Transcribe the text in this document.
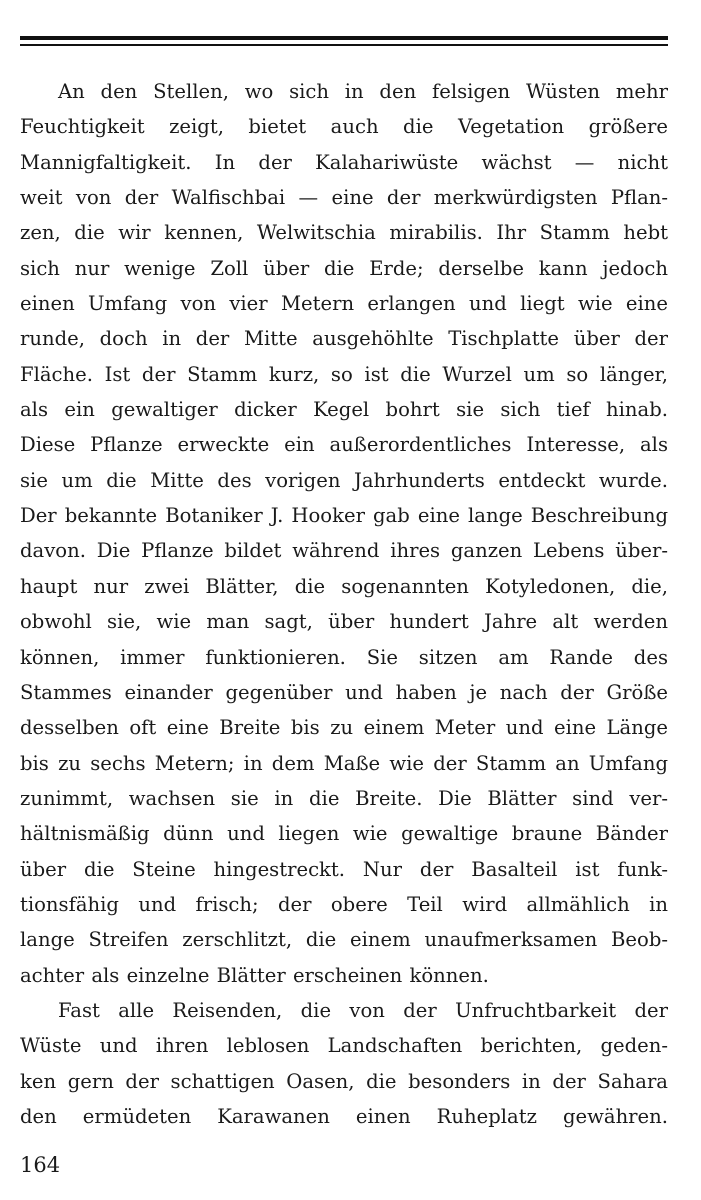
An den Stellen, wo sich in den felsigen Wüsten mehr
Feuchtigkeit zeigt, bietet auch die Vegetation größere
Mannigfaltigkeit. In der Kalahariwüste wächst — nicht
weit von der Walfischbai — eine der merkwürdigsten Pflan-
zen, die wir kennen, Welwitschia mirabilis. Ihr Stamm hebt
sich nur wenige Zoll über die Erde; derselbe kann jedoch
einen Umfang von vier Metern erlangen und liegt wie eine
runde, doch in der Mitte ausgehöhlte Tischplatte über der
Fläche. Ist der Stamm kurz, so ist die Wurzel um so länger,
als ein gewaltiger dicker Kegel bohrt sie sich tief hinab.
Diese Pflanze erweckte ein außerordentliches Interesse, als
sie um die Mitte des vorigen Jahrhunderts entdeckt wurde.
Der bekannte Botaniker J. Hooker gab eine lange Beschreibung
davon. Die Pflanze bildet während ihres ganzen Lebens über-
haupt nur zwei Blätter, die sogenannten Kotyledonen, die,
obwohl sie, wie man sagt, über hundert Jahre alt werden
können, immer funktionieren. Sie sitzen am Rande des
Stammes einander gegenüber und haben je nach der Größe
desselben oft eine Breite bis zu einem Meter und eine Länge
bis zu sechs Metern; in dem Maße wie der Stamm an Umfang
zunimmt, wachsen sie in die Breite. Die Blätter sind ver-
hältnismäßig dünn und liegen wie gewaltige braune Bänder
über die Steine hingestreckt. Nur der Basalteil ist funk-
tionsfähig und frisch; der obere Teil wird allmählich in
lange Streifen zerschlitzt, die einem unaufmerksamen Beob-
achter als einzelne Blätter erscheinen können.
Fast alle Reisenden, die von der Unfruchtbarkeit der
Wüste und ihren leblosen Landschaften berichten, geden-
ken gern der schattigen Oasen, die besonders in der Sahara
den ermüdeten Karawanen einen Ruheplatz gewähren.
164
